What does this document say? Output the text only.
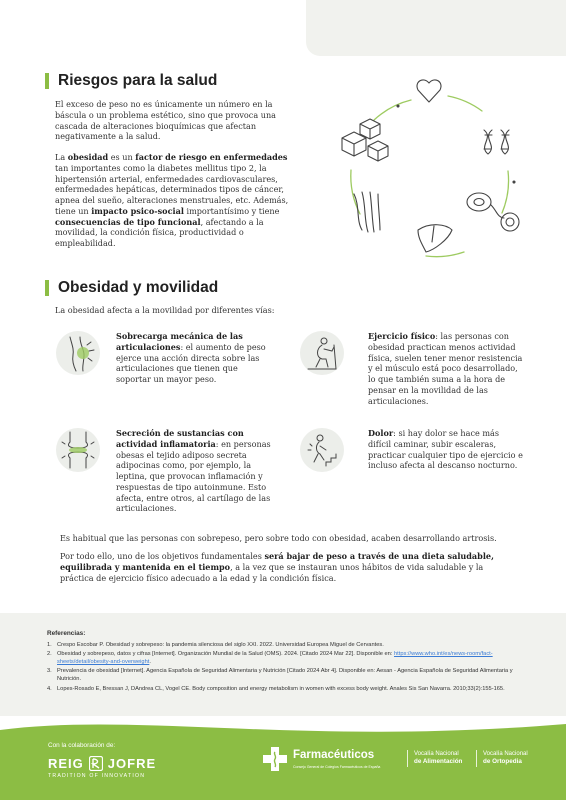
Riesgos para la salud

El exceso de peso no es únicamente un número en la báscula o un problema estético, sino que provoca una cascada de alteraciones bioquímicas que afectan negativamente a la salud.

La obesidad es un factor de riesgo en enfermedades tan importantes como la diabetes mellitus tipo 2, la hipertensión arterial, enfermedades cardiovasculares, enfermedades hepáticas, determinados tipos de cáncer, apnea del sueño, alteraciones menstruales, etc. Además, tiene un impacto psico-social importantísimo y tiene consecuencias de tipo funcional, afectando a la movilidad, la condición física, productividad o empleabilidad.

Obesidad y movilidad

La obesidad afecta a la movilidad por diferentes vías:

Sobrecarga mecánica de las articulaciones: el aumento de peso ejerce una acción directa sobre las articulaciones que tienen que soportar un mayor peso.

Ejercicio físico: las personas con obesidad practican menos actividad física, suelen tener menor resistencia y el músculo está poco desarrollado, lo que también suma a la hora de pensar en la movilidad de las articulaciones.

Secreción de sustancias con actividad inflamatoria: en personas obesas el tejido adiposo secreta adipocinas como, por ejemplo, la leptina, que provocan inflamación y respuestas de tipo autoinmune. Esto afecta, entre otros, al cartílago de las articulaciones.

Dolor: si hay dolor se hace más difícil caminar, subir escaleras, practicar cualquier tipo de ejercicio e incluso afecta al descanso nocturno.

Es habitual que las personas con sobrepeso, pero sobre todo con obesidad, acaben desarrollando artrosis.

Por todo ello, uno de los objetivos fundamentales será bajar de peso a través de una dieta saludable, equilibrada y mantenida en el tiempo, a la vez que se instauran unos hábitos de vida saludable y la práctica de ejercicio físico adecuado a la edad y la condición física.

Referencias:
1. Crespo Escobar P. Obesidad y sobrepeso: la pandemia silenciosa del siglo XXI. 2022. Universidad Europea Miguel de Cervantes.
2. Obesidad y sobrepeso, datos y cifras [Internet]. Organización Mundial de la Salud (OMS). 2024. [Citado 2024 Mar 22]. Disponible en: https://www.who.int/es/news-room/fact-sheets/detail/obesity-and-overweight.
3. Prevalencia de obesidad [Internet]. Agencia Española de Seguridad Alimentaria y Nutrición [Citado 2024 Abr 4]. Disponible en: Aesan - Agencia Española de Seguridad Alimentaria y Nutrición.
4. Lopes-Rosado E, Bressan J, DAndrea CL, Vogel CE. Body composition and energy metabolism in women with excess body weight. Anales Sis San Navarra. 2010;33(2):155-165.
Con la colaboración de:
REIG JOFRE
TRADITION OF INNOVATION
Farmacéuticos
Consejo General de Colegios Farmacéuticos de España
Vocalía Nacional
de Alimentación
Vocalía Nacional
de Ortopedia
